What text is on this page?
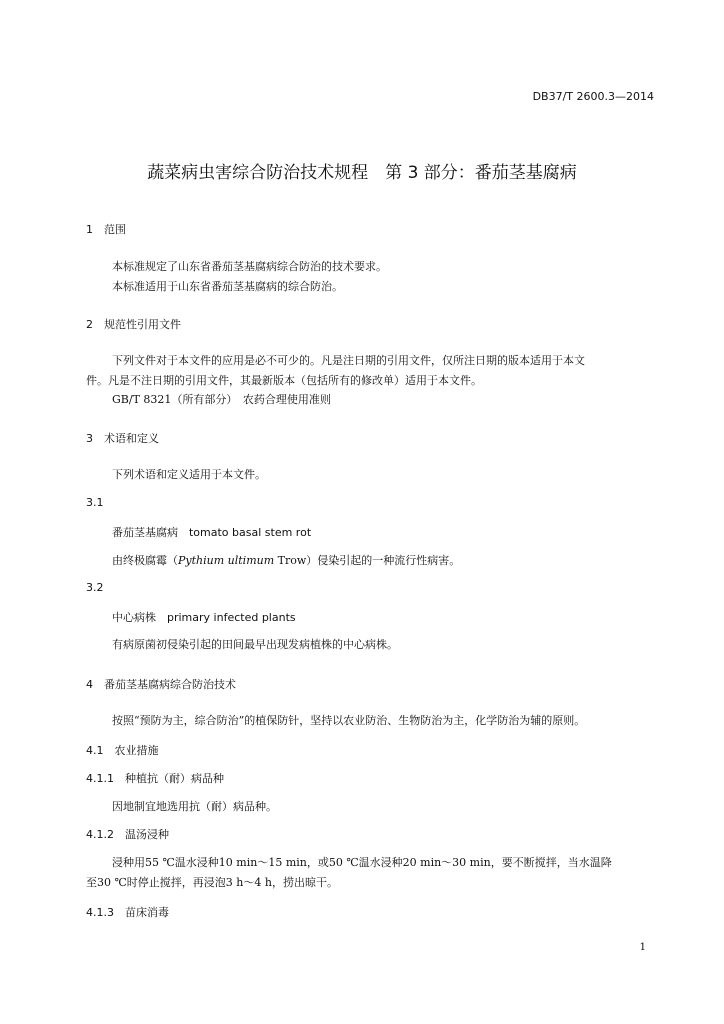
DB37/T 2600.3—2014
蔬菜病虫害综合防治技术规程　第 3 部分：番茄茎基腐病
1　范围
本标准规定了山东省番茄茎基腐病综合防治的技术要求。
本标准适用于山东省番茄茎基腐病的综合防治。
2　规范性引用文件
下列文件对于本文件的应用是必不可少的。凡是注日期的引用文件，仅所注日期的版本适用于本文
件。凡是不注日期的引用文件，其最新版本（包括所有的修改单）适用于本文件。
GB/T 8321（所有部分）　农药合理使用准则
3　术语和定义
下列术语和定义适用于本文件。
3.1
番茄茎基腐病　tomato basal stem rot
由终极腐霉（Pythium ultimum Trow）侵染引起的一种流行性病害。
3.2
中心病株　primary infected plants
有病原菌初侵染引起的田间最早出现发病植株的中心病株。
4　番茄茎基腐病综合防治技术
按照“预防为主，综合防治”的植保防针，坚持以农业防治、生物防治为主，化学防治为辅的原则。
4.1　农业措施
4.1.1　种植抗（耐）病品种
因地制宜地选用抗（耐）病品种。
4.1.2　温汤浸种
浸种用55 ℃温水浸种10 min～15 min，或50 ℃温水浸种20 min～30 min，要不断搅拌，当水温降
至30 ℃时停止搅拌，再浸泡3 h～4 h，捞出晾干。
4.1.3　苗床消毒
1
